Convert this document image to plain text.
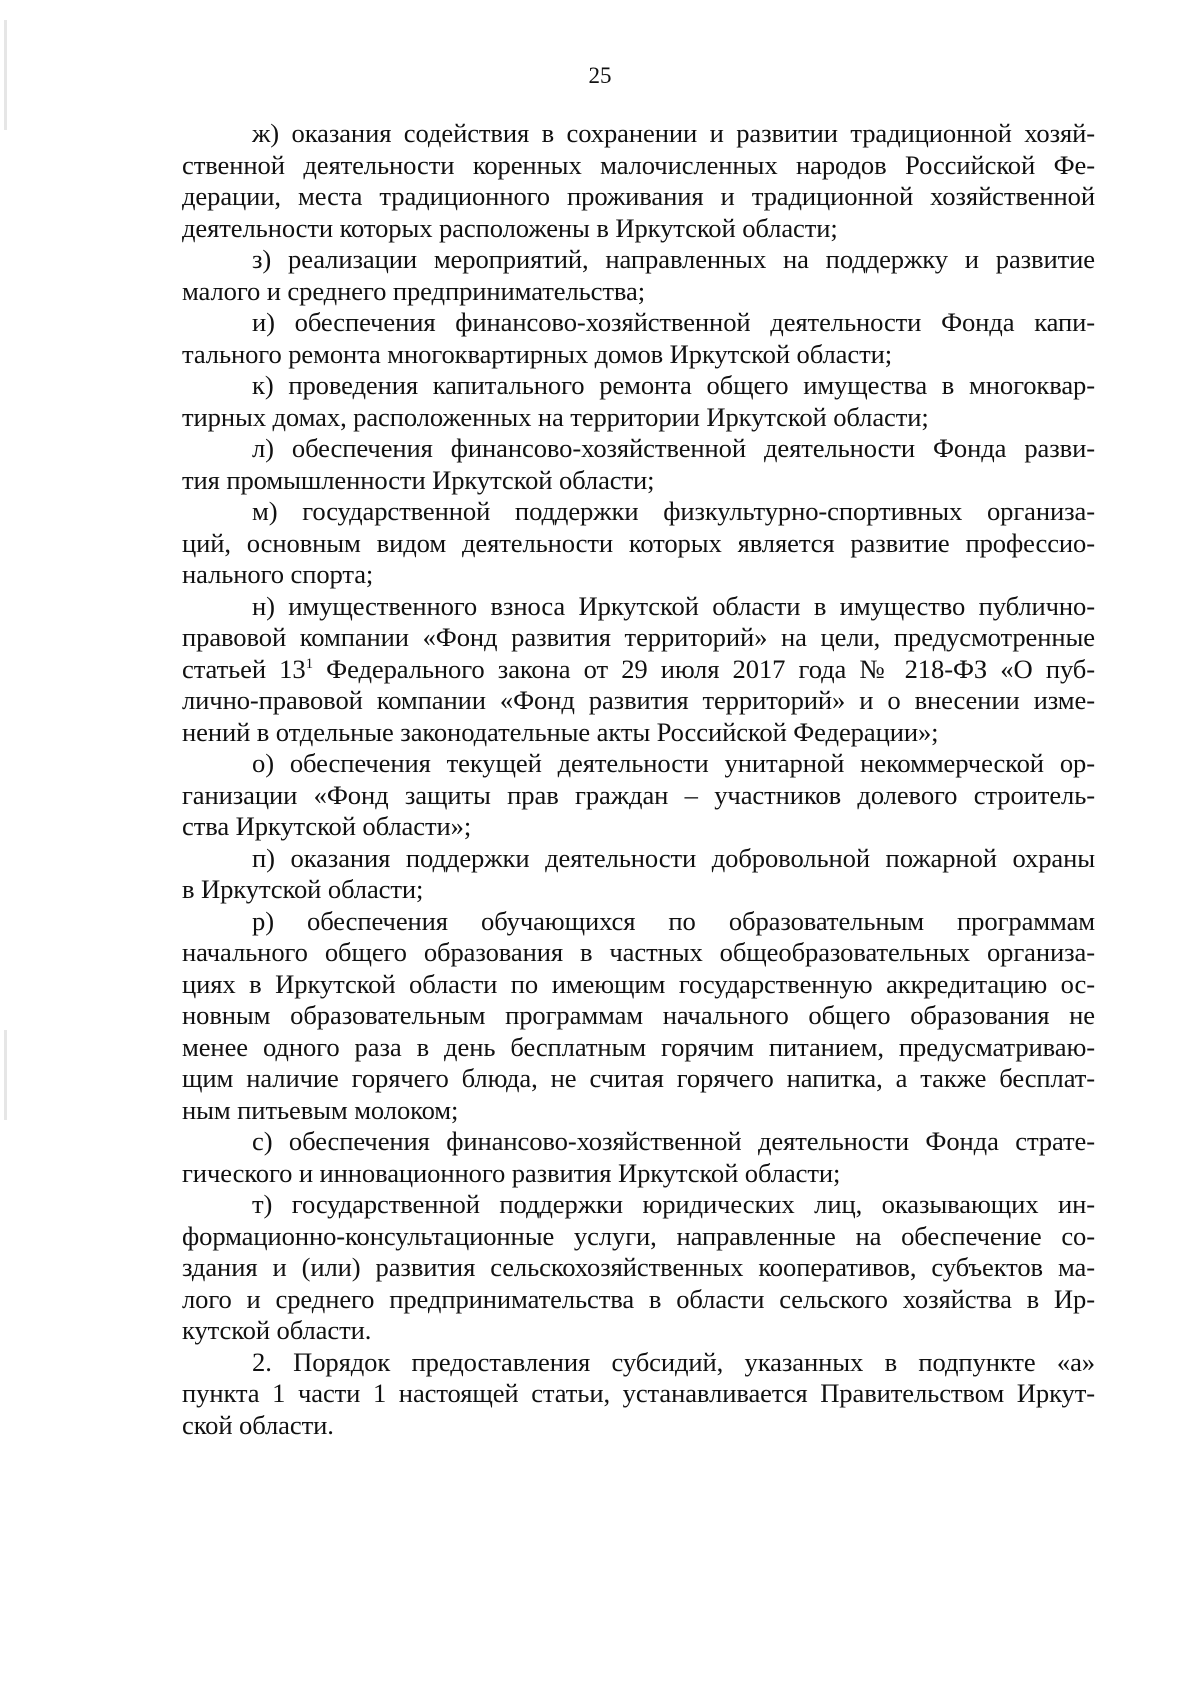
25

ж) оказания содействия в сохранении и развитии традиционной хозяй-
ственной деятельности коренных малочисленных народов Российской Фе-
дерации, места традиционного проживания и традиционной хозяйственной
деятельности которых расположены в Иркутской области;

з) реализации мероприятий, направленных на поддержку и развитие
малого и среднего предпринимательства;

и) обеспечения финансово-хозяйственной деятельности Фонда капи-
тального ремонта многоквартирных домов Иркутской области;

к) проведения капитального ремонта общего имущества в многоквар-
тирных домах, расположенных на территории Иркутской области;

л) обеспечения финансово-хозяйственной деятельности Фонда разви-
тия промышленности Иркутской области;

м) государственной поддержки физкультурно-спортивных организа-
ций, основным видом деятельности которых является развитие профессио-
нального спорта;

н) имущественного взноса Иркутской области в имущество публично-
правовой компании «Фонд развития территорий» на цели, предусмотренные
статьей $13^1$ Федерального закона от 29 июля 2017 года № 218-ФЗ «О пуб-
лично-правовой компании «Фонд развития территорий» и о внесении изме-
нений в отдельные законодательные акты Российской Федерации»;

о) обеспечения текущей деятельности унитарной некоммерческой ор-
ганизации «Фонд защиты прав граждан – участников долевого строитель-
ства Иркутской области»;

п) оказания поддержки деятельности добровольной пожарной охраны
в Иркутской области;

р) обеспечения обучающихся по образовательным программам
начального общего образования в частных общеобразовательных организа-
циях в Иркутской области по имеющим государственную аккредитацию ос-
новным образовательным программам начального общего образования не
менее одного раза в день бесплатным горячим питанием, предусматриваю-
щим наличие горячего блюда, не считая горячего напитка, а также бесплат-
ным питьевым молоком;

с) обеспечения финансово-хозяйственной деятельности Фонда страте-
гического и инновационного развития Иркутской области;

т) государственной поддержки юридических лиц, оказывающих ин-
формационно-консультационные услуги, направленные на обеспечение со-
здания и (или) развития сельскохозяйственных кооперативов, субъектов ма-
лого и среднего предпринимательства в области сельского хозяйства в Ир-
кутской области.

2. Порядок предоставления субсидий, указанных в подпункте «а»
пункта 1 части 1 настоящей статьи, устанавливается Правительством Иркут-
ской области.
